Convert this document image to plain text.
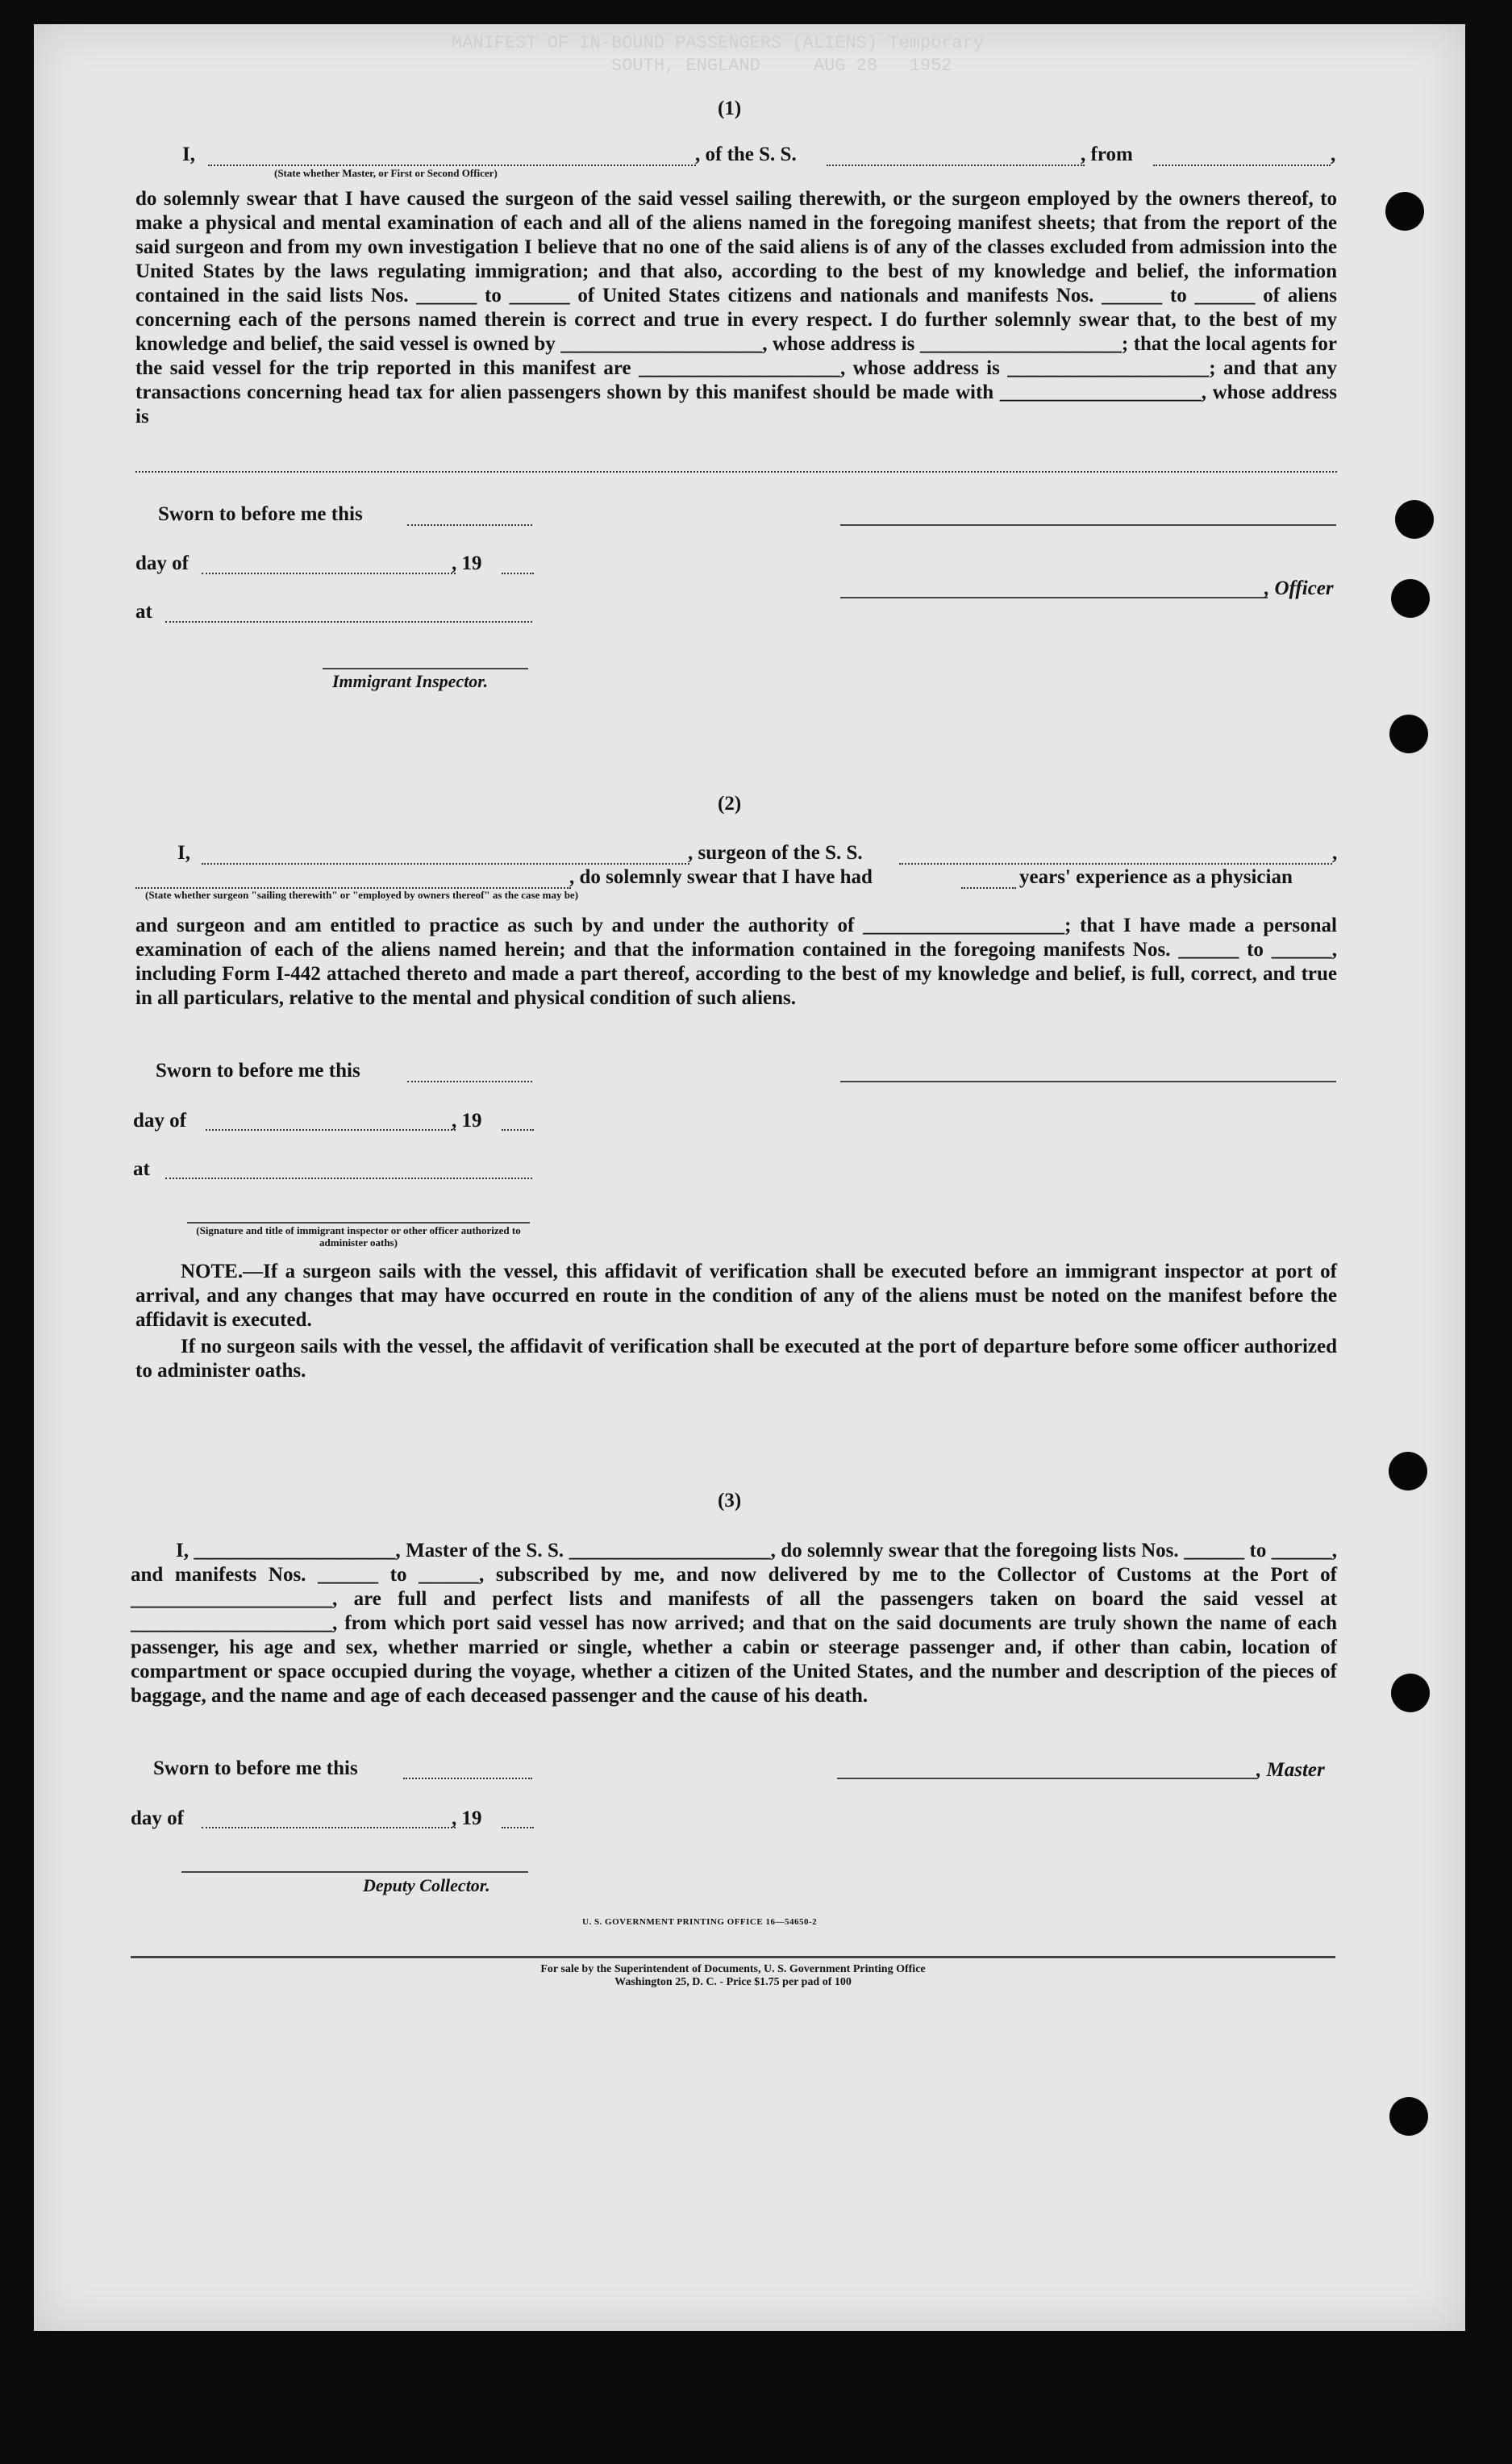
MANIFEST OF IN-BOUND PASSENGERS (ALIENS) Temporary
SOUTH, ENGLAND     AUG 28   1952
(1)
I,	, of the S. S.	, from	,
(State whether Master, or First or Second Officer)
do solemnly swear that I have caused the surgeon of the said vessel sailing therewith, or the surgeon employed by the owners thereof, to make a physical and mental examination of each and all of the aliens named in the foregoing manifest sheets; that from the report of the said surgeon and from my own investigation I believe that no one of the said aliens is of any of the classes excluded from admission into the United States by the laws regulating immigration; and that also, according to the best of my knowledge and belief, the information contained in the said lists Nos. ______ to ______ of United States citizens and nationals and manifests Nos. ______ to ______ of aliens concerning each of the persons named therein is correct and true in every respect. I do further solemnly swear that, to the best of my knowledge and belief, the said vessel is owned by ____________________, whose address is ____________________; that the local agents for the said vessel for the trip reported in this manifest are ____________________, whose address is ____________________; and that any transactions concerning head tax for alien passengers shown by this manifest should be made with ____________________, whose address is
Sworn to before me this
day of	, 19
, Officer
at
Immigrant Inspector.
(2)
I,	, surgeon of the S. S.	,
, do solemnly swear that I have had	years' experience as a physician
(State whether surgeon "sailing therewith" or "employed by owners thereof" as the case may be)
and surgeon and am entitled to practice as such by and under the authority of ____________________; that I have made a personal examination of each of the aliens named herein; and that the information contained in the foregoing manifests Nos. ______ to ______, including Form I-442 attached thereto and made a part thereof, according to the best of my knowledge and belief, is full, correct, and true in all particulars, relative to the mental and physical condition of such aliens.
Sworn to before me this
day of	, 19
at
(Signature and title of immigrant inspector or other officer authorized to administer oaths)
NOTE.—If a surgeon sails with the vessel, this affidavit of verification shall be executed before an immigrant inspector at port of arrival, and any changes that may have occurred en route in the condition of any of the aliens must be noted on the manifest before the affidavit is executed.
If no surgeon sails with the vessel, the affidavit of verification shall be executed at the port of departure before some officer authorized to administer oaths.
(3)
I, ____________________, Master of the S. S. ____________________, do solemnly swear that the foregoing lists Nos. ______ to ______, and manifests Nos. ______ to ______, subscribed by me, and now delivered by me to the Collector of Customs at the Port of ____________________, are full and perfect lists and manifests of all the passengers taken on board the said vessel at ____________________, from which port said vessel has now arrived; and that on the said documents are truly shown the name of each passenger, his age and sex, whether married or single, whether a cabin or steerage passenger and, if other than cabin, location of compartment or space occupied during the voyage, whether a citizen of the United States, and the number and description of the pieces of baggage, and the name and age of each deceased passenger and the cause of his death.
Sworn to before me this	, Master
day of	, 19
Deputy Collector.
U. S. GOVERNMENT PRINTING OFFICE 16—54650-2
For sale by the Superintendent of Documents, U. S. Government Printing Office
Washington 25, D. C. - Price $1.75 per pad of 100
